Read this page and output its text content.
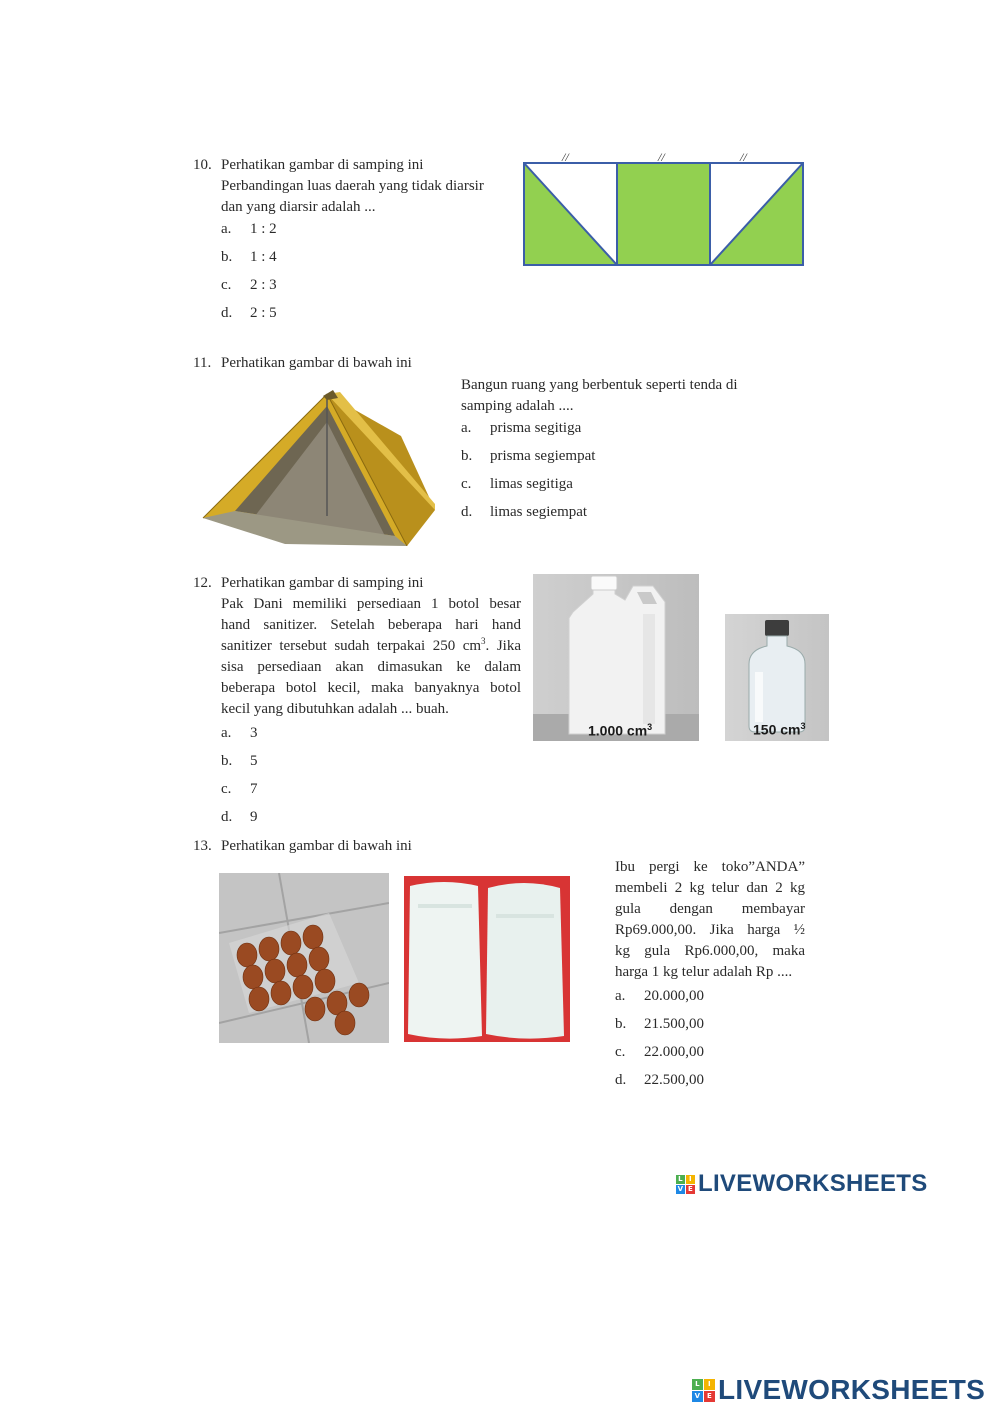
10. Perhatikan gambar di samping ini
Perbandingan luas daerah yang tidak diarsir
dan yang diarsir adalah ...
a. 1 : 2
b. 1 : 4
c. 2 : 3
d. 2 : 5
//	//	//
11. Perhatikan gambar di bawah ini
Bangun ruang yang berbentuk seperti tenda di
samping adalah ....
a. prisma segitiga
b. prisma segiempat
c. limas segitiga
d. limas segiempat
12. Perhatikan gambar di samping ini
Pak Dani memiliki persediaan 1 botol besar
hand sanitizer. Setelah beberapa hari hand
sanitizer tersebut sudah terpakai 250 $cm^3$. Jika
sisa persediaan akan dimasukan ke dalam
beberapa botol kecil, maka banyaknya botol
kecil yang dibutuhkan adalah ... buah.
a. 3
b. 5
c. 7
d. 9
1.000 $cm^3$	150 $cm^3$
13. Perhatikan gambar di bawah ini
Ibu pergi ke toko”ANDA”
membeli 2 kg telur dan 2 kg
gula dengan membayar
Rp69.000,00. Jika harga ½
kg gula Rp6.000,00, maka
harga 1 kg telur adalah Rp ....
a. 20.000,00
b. 21.500,00
c. 22.000,00
d. 22.500,00
L I
V E LIVEWORKSHEETS
L	I
V E LIVEWORKSHEETS
